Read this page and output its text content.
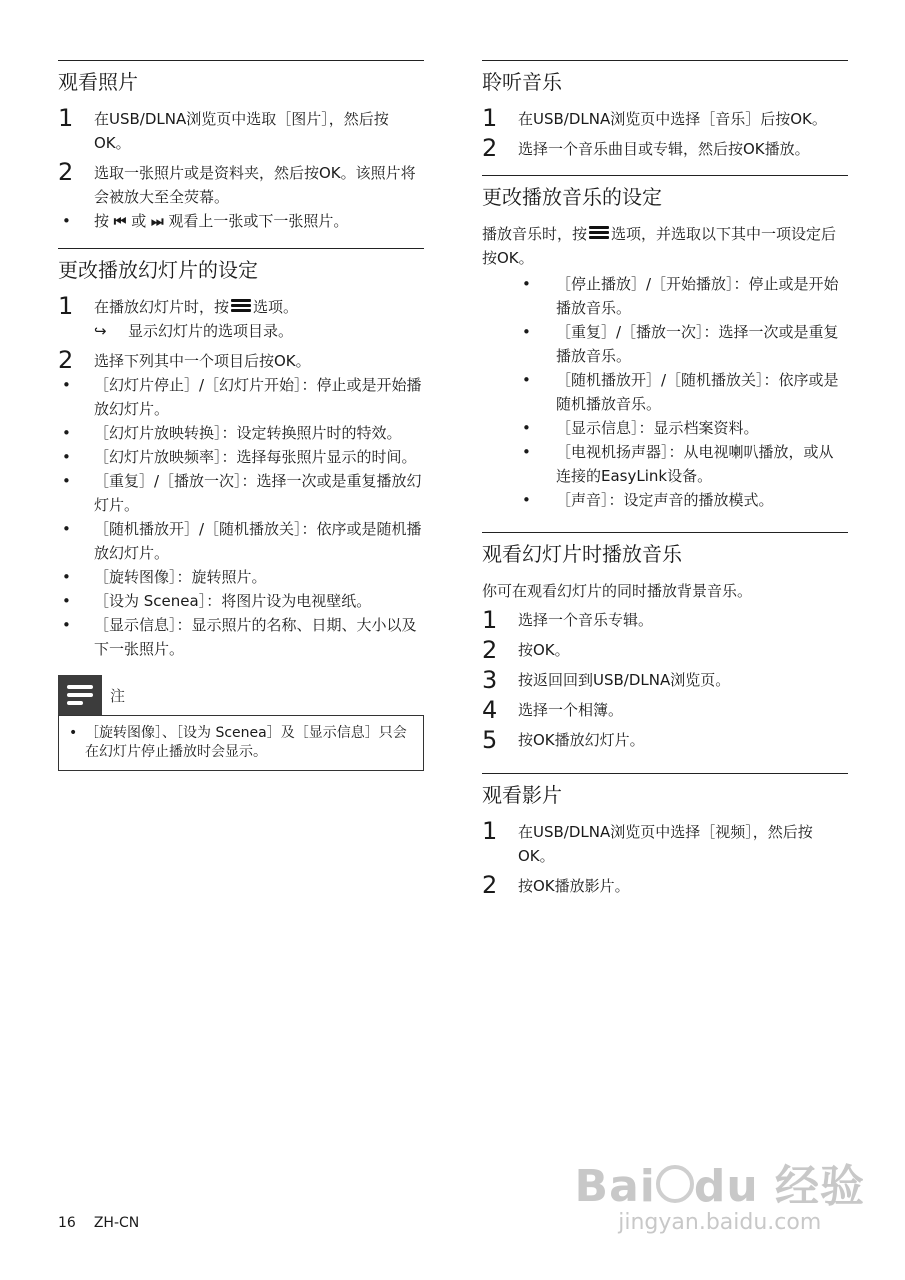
观看照片
1	在USB/DLNA浏览页中选取［图片］，然后按OK。
2	选取一张照片或是资料夹，然后按OK。该照片将会被放大至全荧幕。
• 按 ⏮ 或 ⏭ 观看上一张或下一张照片。
更改播放幻灯片的设定
1	在播放幻灯片时，按 选项。
↪ 显示幻灯片的选项目录。
2	选择下列其中一个项目后按OK。
• ［幻灯片停止］/［幻灯片开始］：停止或是开始播放幻灯片。
• ［幻灯片放映转换］：设定转换照片时的特效。
• ［幻灯片放映频率］：选择每张照片显示的时间。
• ［重复］/［播放一次］：选择一次或是重复播放幻灯片。
• ［随机播放开］/［随机播放关］：依序或是随机播放幻灯片。
• ［旋转图像］：旋转照片。
• ［设为 Scenea］：将图片设为电视壁纸。
• ［显示信息］：显示照片的名称、日期、大小以及下一张照片。
注
• ［旋转图像］、［设为 Scenea］及［显示信息］只会在幻灯片停止播放时会显示。
聆听音乐
1	在USB/DLNA浏览页中选择［音乐］后按OK。
2	选择一个音乐曲目或专辑，然后按OK播放。
更改播放音乐的设定

播放音乐时，按 选项，并选取以下其中一项设定后按OK。

• ［停止播放］/［开始播放］：停止或是开始播放音乐。
• ［重复］/［播放一次］：选择一次或是重复播放音乐。
• ［随机播放开］/［随机播放关］：依序或是随机播放音乐。
• ［显示信息］：显示档案资料。
• ［电视机扬声器］：从电视喇叭播放，或从连接的EasyLink设备。
• ［声音］：设定声音的播放模式。
观看幻灯片时播放音乐

你可在观看幻灯片的同时播放背景音乐。

1	选择一个音乐专辑。
2	按OK。
3	按返回回到USB/DLNA浏览页。
4	选择一个相簿。
5	按OK播放幻灯片。
观看影片
1	在USB/DLNA浏览页中选择［视频］，然后按OK。
2	按OK播放影片。
16 ZH-CN
Bai du 经验
jingyan.baidu.com
